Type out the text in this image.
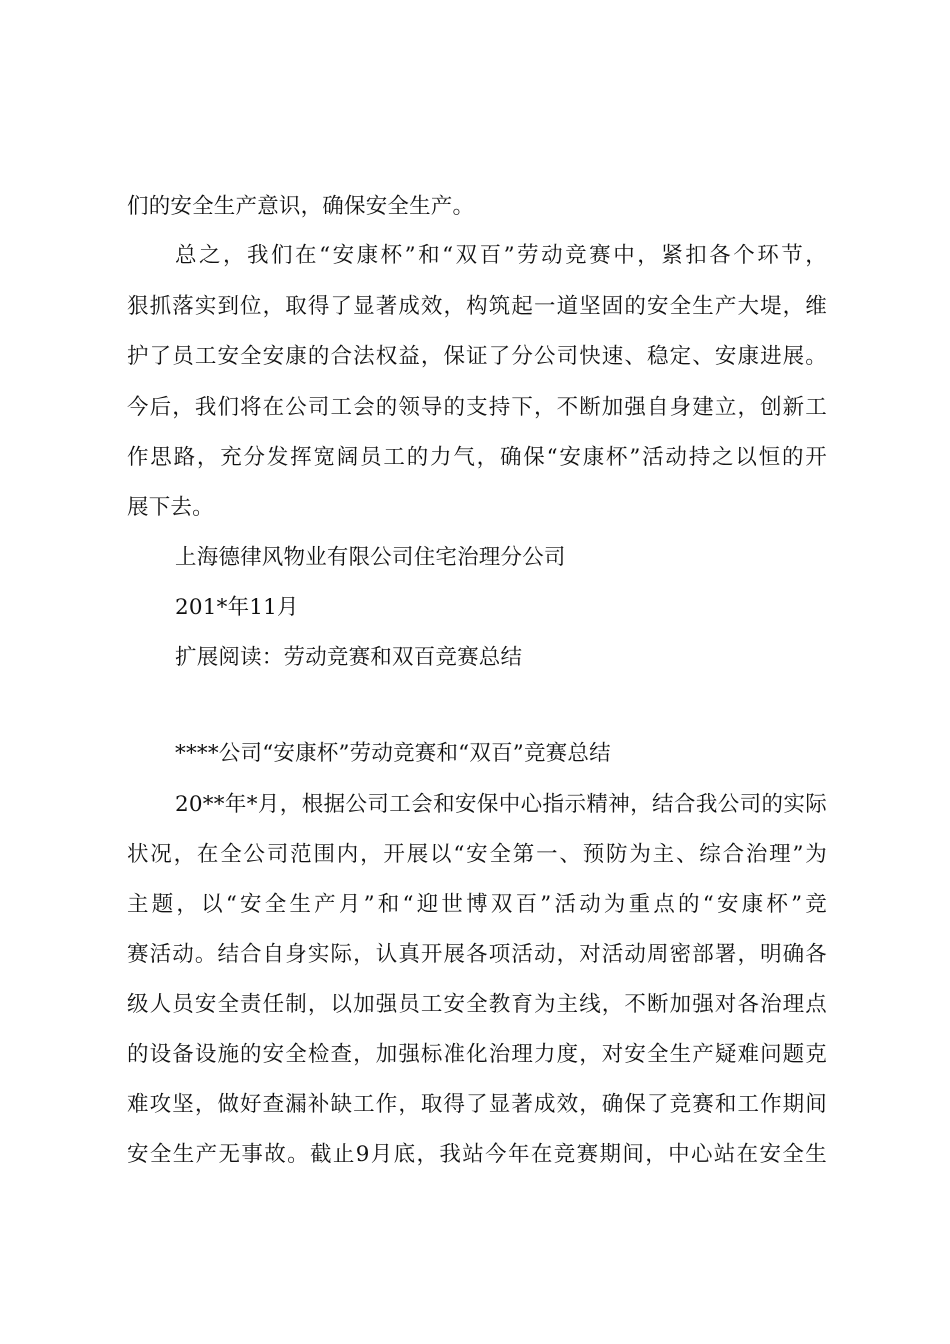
们的安全生产意识，确保安全生产。
总之，我们在“安康杯”和“双百”劳动竞赛中，紧扣各个环节，
狠抓落实到位，取得了显著成效，构筑起一道坚固的安全生产大堤，维
护了员工安全安康的合法权益，保证了分公司快速、稳定、安康进展。
今后，我们将在公司工会的领导的支持下，不断加强自身建立，创新工
作思路，充分发挥宽阔员工的力气，确保“安康杯”活动持之以恒的开
展下去。
上海德律风物业有限公司住宅治理分公司
201*年11月
扩展阅读：劳动竞赛和双百竞赛总结
****公司“安康杯”劳动竞赛和“双百”竞赛总结
20**年*月，根据公司工会和安保中心指示精神，结合我公司的实际
状况，在全公司范围内，开展以“安全第一、预防为主、综合治理”为
主题，以“安全生产月”和“迎世博双百”活动为重点的“安康杯”竞
赛活动。结合自身实际，认真开展各项活动，对活动周密部署，明确各
级人员安全责任制，以加强员工安全教育为主线，不断加强对各治理点
的设备设施的安全检查，加强标准化治理力度，对安全生产疑难问题克
难攻坚，做好查漏补缺工作，取得了显著成效，确保了竞赛和工作期间
安全生产无事故。截止9月底，我站今年在竞赛期间，中心站在安全生
